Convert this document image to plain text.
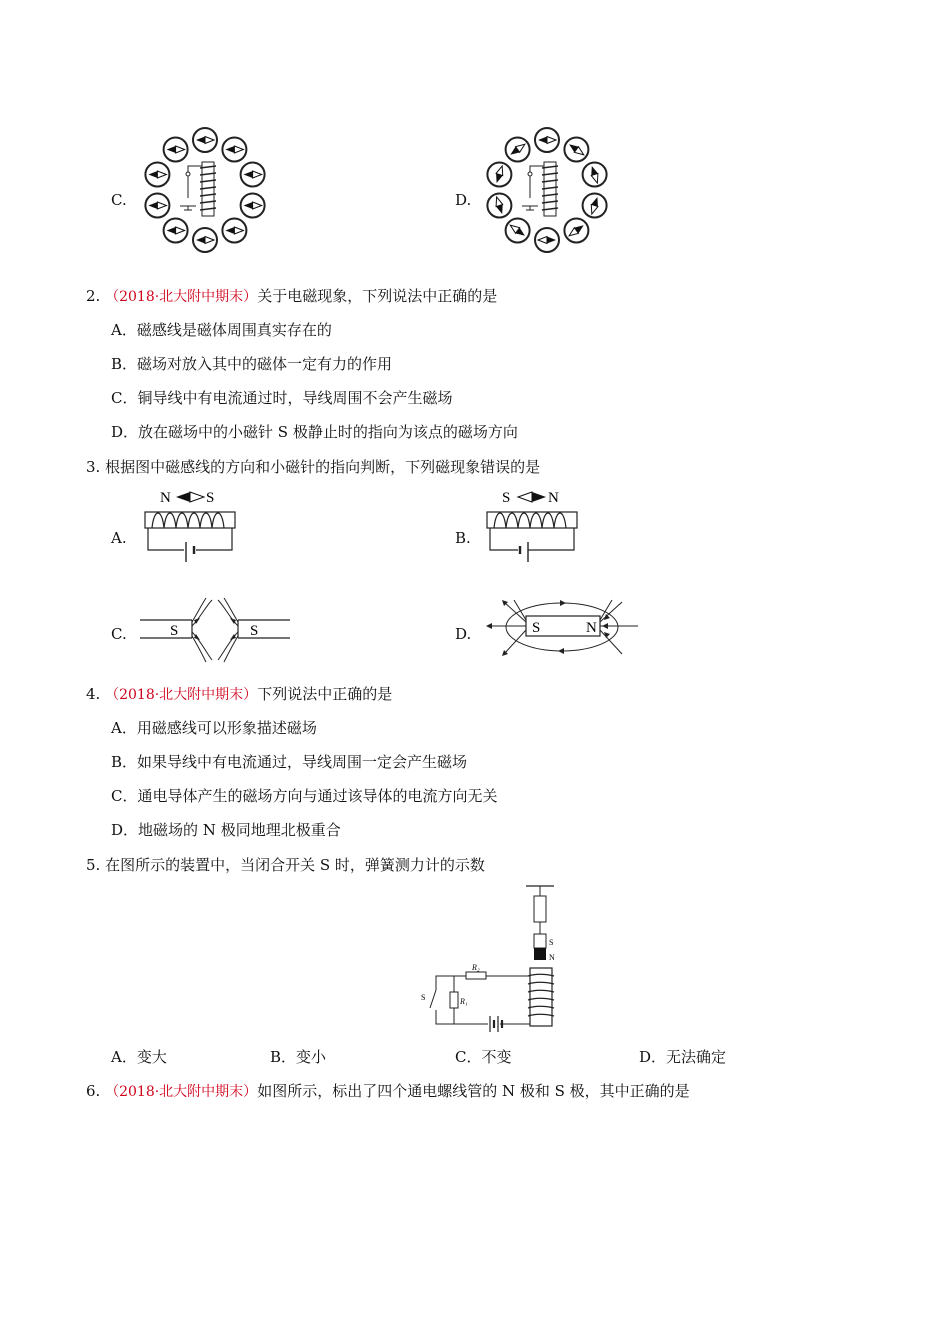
C.	D.
2. （2018·北大附中期末）关于电磁现象，下列说法中正确的是
A．磁感线是磁体周围真实存在的
B．磁场对放入其中的磁体一定有力的作用
C．铜导线中有电流通过时，导线周围不会产生磁场
D．放在磁场中的小磁针 S 极静止时的指向为该点的磁场方向
3. 根据图中磁感线的方向和小磁针的指向判断，下列磁现象错误的是
A.	B.
C.	D.
N S	S	N
S	S	S	N
4. （2018·北大附中期末）下列说法中正确的是
A．用磁感线可以形象描述磁场
B．如果导线中有电流通过，导线周围一定会产生磁场
C．通电导体产生的磁场方向与通过该导体的电流方向无关
D．地磁场的 N 极同地理北极重合
5. 在图所示的装置中，当闭合开关 S 时，弹簧测力计的示数
S
N
R₂
R₁
S
A．变大	B．变小	C．不变	D．无法确定
6. （2018·北大附中期末）如图所示，标出了四个通电螺线管的 N 极和 S 极，其中正确的是
